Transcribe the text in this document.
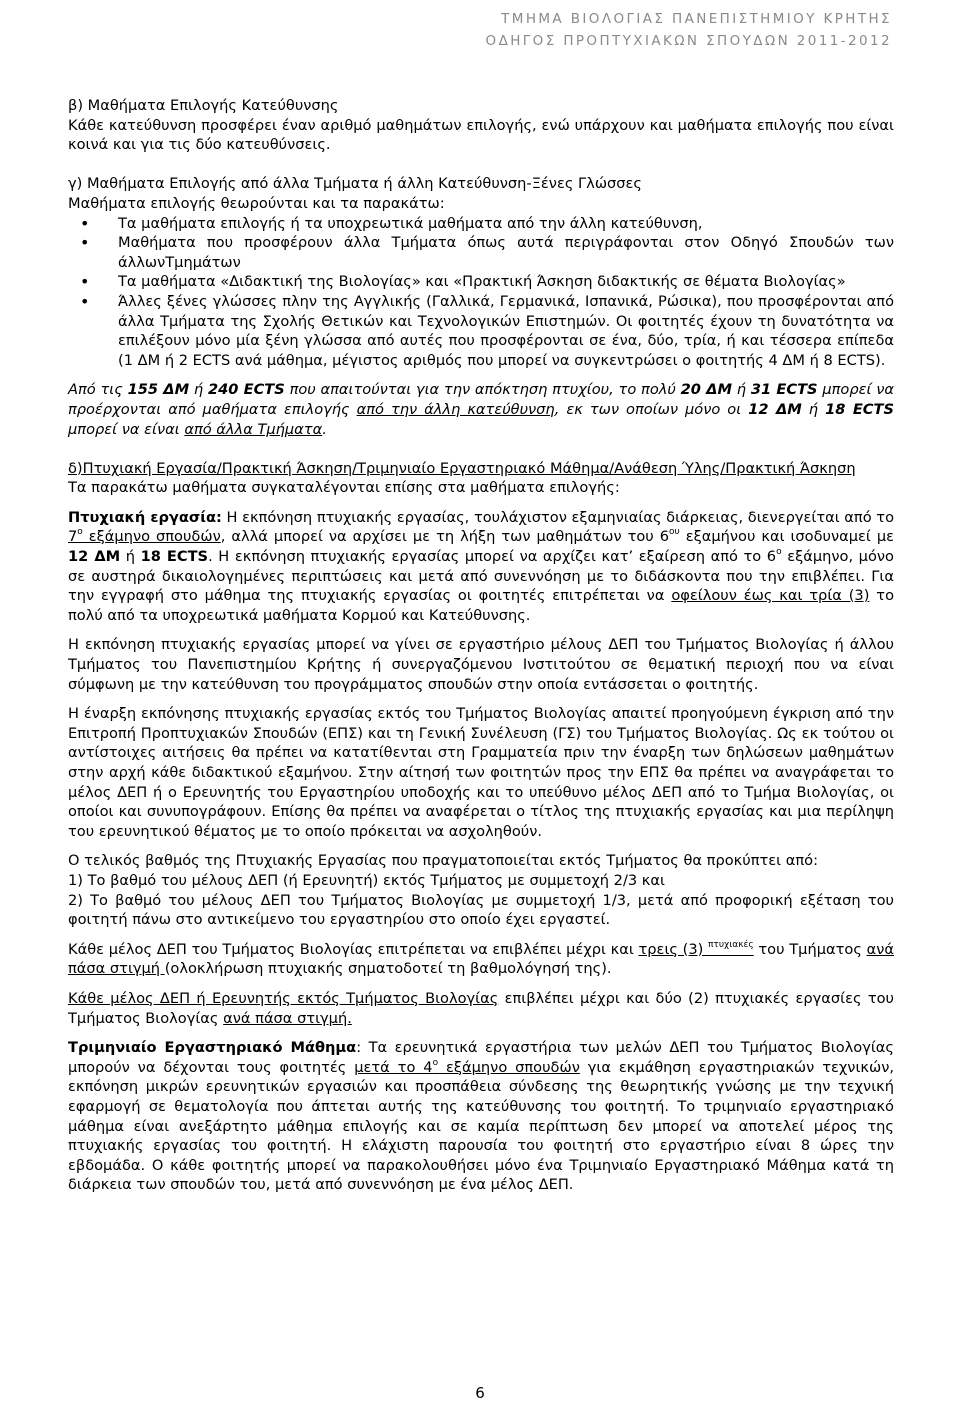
ΤΜΗΜΑ ΒΙΟΛΟΓΙΑΣ ΠΑΝΕΠΙΣΤΗΜΙΟΥ ΚΡΗΤΗΣ
ΟΔΗΓΟΣ ΠΡΟΠΤΥΧΙΑΚΩΝ ΣΠΟΥΔΩΝ 2011-2012

β) Μαθήματα Επιλογής Κατεύθυνσης

Κάθε κατεύθυνση προσφέρει έναν αριθμό μαθημάτων επιλογής, ενώ υπάρχουν και μαθήματα επιλογής που είναι κοινά και για τις δύο κατευθύνσεις.

γ) Μαθήματα Επιλογής από άλλα Τμήματα ή άλλη Κατεύθυνση-Ξένες Γλώσσες

Μαθήματα επιλογής θεωρούνται και τα παρακάτω:

• Τα μαθήματα επιλογής ή τα υποχρεωτικά μαθήματα από την άλλη κατεύθυνση,
• Μαθήματα που προσφέρουν άλλα Τμήματα όπως αυτά περιγράφονται στον Οδηγό Σπουδών των άλλωνΤμημάτων
• Τα μαθήματα «Διδακτική της Βιολογίας» και «Πρακτική Άσκηση διδακτικής σε θέματα Βιολογίας»
• Άλλες ξένες γλώσσες πλην της Αγγλικής (Γαλλικά, Γερμανικά, Ισπανικά, Ρώσικα), που προσφέρονται από άλλα Τμήματα της Σχολής Θετικών και Τεχνολογικών Επιστημών. Οι φοιτητές έχουν τη δυνατότητα να επιλέξουν μόνο μία ξένη γλώσσα από αυτές που προσφέρονται σε ένα, δύο, τρία, ή και τέσσερα επίπεδα (1 ΔΜ ή 2 ECTS ανά μάθημα, μέγιστος αριθμός που μπορεί να συγκεντρώσει ο φοιτητής 4 ΔΜ ή 8 ECTS).

Από τις 155 ΔΜ ή 240 ECTS που απαιτούνται για την απόκτηση πτυχίου, το πολύ 20 ΔΜ ή 31 ECTS μπορεί να προέρχονται από μαθήματα επιλογής από την άλλη κατεύθυνση, εκ των οποίων μόνο οι 12 ΔΜ ή 18 ECTS μπορεί να είναι από άλλα Τμήματα.

δ)Πτυχιακή Εργασία/Πρακτική Άσκηση/Τριμηνιαίο Εργαστηριακό Μάθημα/Ανάθεση Ύλης/Πρακτική Άσκηση

Τα παρακάτω μαθήματα συγκαταλέγονται επίσης στα μαθήματα επιλογής:

Πτυχιακή εργασία: Η εκπόνηση πτυχιακής εργασίας, τουλάχιστον εξαμηνιαίας διάρκειας, διενεργείται από το $7^o$ εξάμηνο σπουδών, αλλά μπορεί να αρχίσει με τη λήξη των μαθημάτων του $6^{o\upsilon}$ εξαμήνου και ισοδυναμεί με 12 ΔΜ ή 18 ECTS. Η εκπόνηση πτυχιακής εργασίας μπορεί να αρχίζει κατ’ εξαίρεση από το $6^o$ εξάμηνο, μόνο σε αυστηρά δικαιολογημένες περιπτώσεις και μετά από συνεννόηση με το διδάσκοντα που την επιβλέπει. Για την εγγραφή στο μάθημα της πτυχιακής εργασίας οι φοιτητές επιτρέπεται να οφείλουν έως και τρία (3) το πολύ από τα υποχρεωτικά μαθήματα Κορμού και Κατεύθυνσης.

Η εκπόνηση πτυχιακής εργασίας μπορεί να γίνει σε εργαστήριο μέλους ΔΕΠ του Τμήματος Βιολογίας ή άλλου Τμήματος του Πανεπιστημίου Κρήτης ή συνεργαζόμενου Ινστιτούτου σε θεματική περιοχή που να είναι σύμφωνη με την κατεύθυνση του προγράμματος σπουδών στην οποία εντάσσεται ο φοιτητής.

Η έναρξη εκπόνησης πτυχιακής εργασίας εκτός του Τμήματος Βιολογίας απαιτεί προηγούμενη έγκριση από την Επιτροπή Προπτυχιακών Σπουδών (ΕΠΣ) και τη Γενική Συνέλευση (ΓΣ) του Τμήματος Βιολογίας. Ως εκ τούτου οι αντίστοιχες αιτήσεις θα πρέπει να κατατίθενται στη Γραμματεία πριν την έναρξη των δηλώσεων μαθημάτων στην αρχή κάθε διδακτικού εξαμήνου. Στην αίτησή των φοιτητών προς την ΕΠΣ θα πρέπει να αναγράφεται το μέλος ΔΕΠ ή ο Ερευνητής του Εργαστηρίου υποδοχής και το υπεύθυνο μέλος ΔΕΠ από το Τμήμα Βιολογίας, οι οποίοι και συνυπογράφουν. Επίσης θα πρέπει να αναφέρεται ο τίτλος της πτυχιακής εργασίας και μια περίληψη του ερευνητικού θέματος με το οποίο πρόκειται να ασχοληθούν.

Ο τελικός βαθμός της Πτυχιακής Εργασίας που πραγματοποιείται εκτός Τμήματος θα προκύπτει από:

1) Το βαθμό του μέλους ΔΕΠ (ή Ερευνητή) εκτός Τμήματος με συμμετοχή 2/3 και

2) Το βαθμό του μέλους ΔΕΠ του Τμήματος Βιολογίας με συμμετοχή 1/3, μετά από προφορική εξέταση του φοιτητή πάνω στο αντικείμενο του εργαστηρίου στο οποίο έχει εργαστεί.

Κάθε μέλος ΔΕΠ του Τμήματος Βιολογίας επιτρέπεται να επιβλέπει μέχρι και τρεις (3) $^{\pi\tau\upsilon\chi\iota\alpha\kappa έ\varsigma}$ του Τμήματος ανά πάσα στιγμή (ολοκλήρωση πτυχιακής σηματοδοτεί τη βαθμολόγησή της).

Κάθε μέλος ΔΕΠ ή Ερευνητής εκτός Τμήματος Βιολογίας επιβλέπει μέχρι και δύο (2) πτυχιακές εργασίες του Τμήματος Βιολογίας ανά πάσα στιγμή.

Τριμηνιαίο Εργαστηριακό Μάθημα: Τα ερευνητικά εργαστήρια των μελών ΔΕΠ του Τμήματος Βιολογίας μπορούν να δέχονται τους φοιτητές μετά το $4^o$ εξάμηνο σπουδών για εκμάθηση εργαστηριακών τεχνικών, εκπόνηση μικρών ερευνητικών εργασιών και προσπάθεια σύνδεσης της θεωρητικής γνώσης με την τεχνική εφαρμογή σε θεματολογία που άπτεται αυτής της κατεύθυνσης του φοιτητή. Το τριμηνιαίο εργαστηριακό μάθημα είναι ανεξάρτητο μάθημα επιλογής και σε καμία περίπτωση δεν μπορεί να αποτελεί μέρος της πτυχιακής εργασίας του φοιτητή. Η ελάχιστη παρουσία του φοιτητή στο εργαστήριο είναι 8 ώρες την εβδομάδα. Ο κάθε φοιτητής μπορεί να παρακολουθήσει μόνο ένα Τριμηνιαίο Εργαστηριακό Μάθημα κατά τη διάρκεια των σπουδών του, μετά από συνεννόηση με ένα μέλος ΔΕΠ.

6
